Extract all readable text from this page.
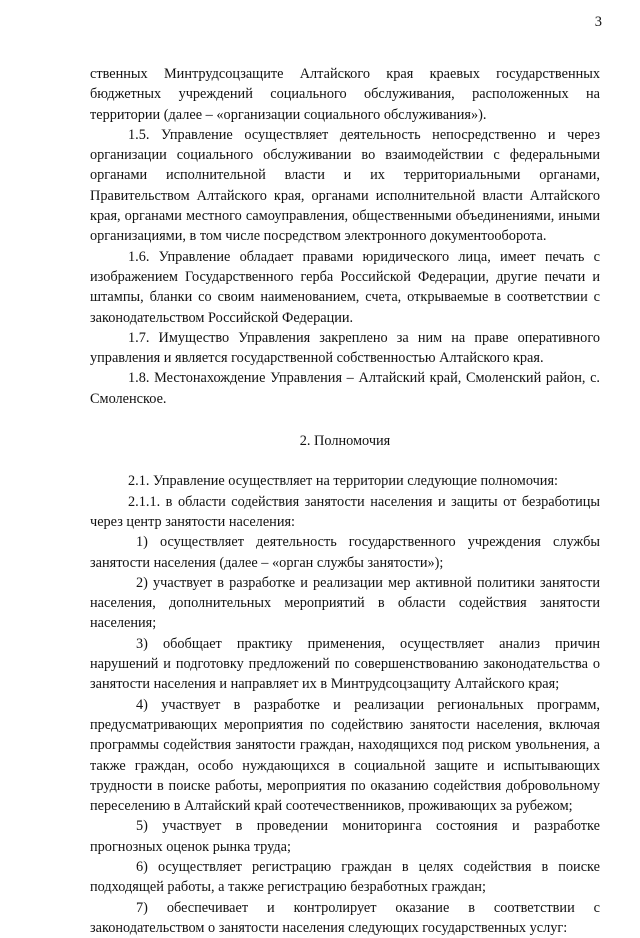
3

ственных Минтрудсоцзащите Алтайского края краевых государственных бюджетных учреждений социального обслуживания, расположенных на территории (далее – «организации социального обслуживания»).

1.5. Управление осуществляет деятельность непосредственно и через организации социального обслуживании во взаимодействии с федеральными органами исполнительной власти и их территориальными органами, Правительством Алтайского края, органами исполнительной власти Алтайского края, органами местного самоуправления, общественными объединениями, иными организациями, в том числе посредством электронного документооборота.

1.6. Управление обладает правами юридического лица, имеет печать с изображением Государственного герба Российской Федерации, другие печати и штампы, бланки со своим наименованием, счета, открываемые в соответствии с законодательством Российской Федерации.

1.7. Имущество Управления закреплено за ним на праве оперативного управления и является государственной собственностью Алтайского края.

1.8. Местонахождение Управления – Алтайский край, Смоленский район, с. Смоленское.

2. Полномочия

2.1. Управление осуществляет на территории следующие полномочия:

2.1.1. в области содействия занятости населения и защиты от безработицы через центр занятости населения:

1) осуществляет деятельность государственного учреждения службы занятости населения (далее – «орган службы занятости»);

2) участвует в разработке и реализации мер активной политики занятости населения, дополнительных мероприятий в области содействия занятости населения;

3) обобщает практику применения, осуществляет анализ причин нарушений и подготовку предложений по совершенствованию законодательства о занятости населения и направляет их в Минтрудсоцзащиту Алтайского края;

4) участвует в разработке и реализации региональных программ, предусматривающих мероприятия по содействию занятости населения, включая программы содействия занятости граждан, находящихся под риском увольнения, а также граждан, особо нуждающихся в социальной защите и испытывающих трудности в поиске работы, мероприятия по оказанию содействия добровольному переселению в Алтайский край соотечественников, проживающих за рубежом;

5) участвует в проведении мониторинга состояния и разработке прогнозных оценок рынка труда;

6) осуществляет регистрацию граждан в целях содействия в поиске подходящей работы, а также регистрацию безработных граждан;

7) обеспечивает и контролирует оказание в соответствии с законодательством о занятости населения следующих государственных услуг:
